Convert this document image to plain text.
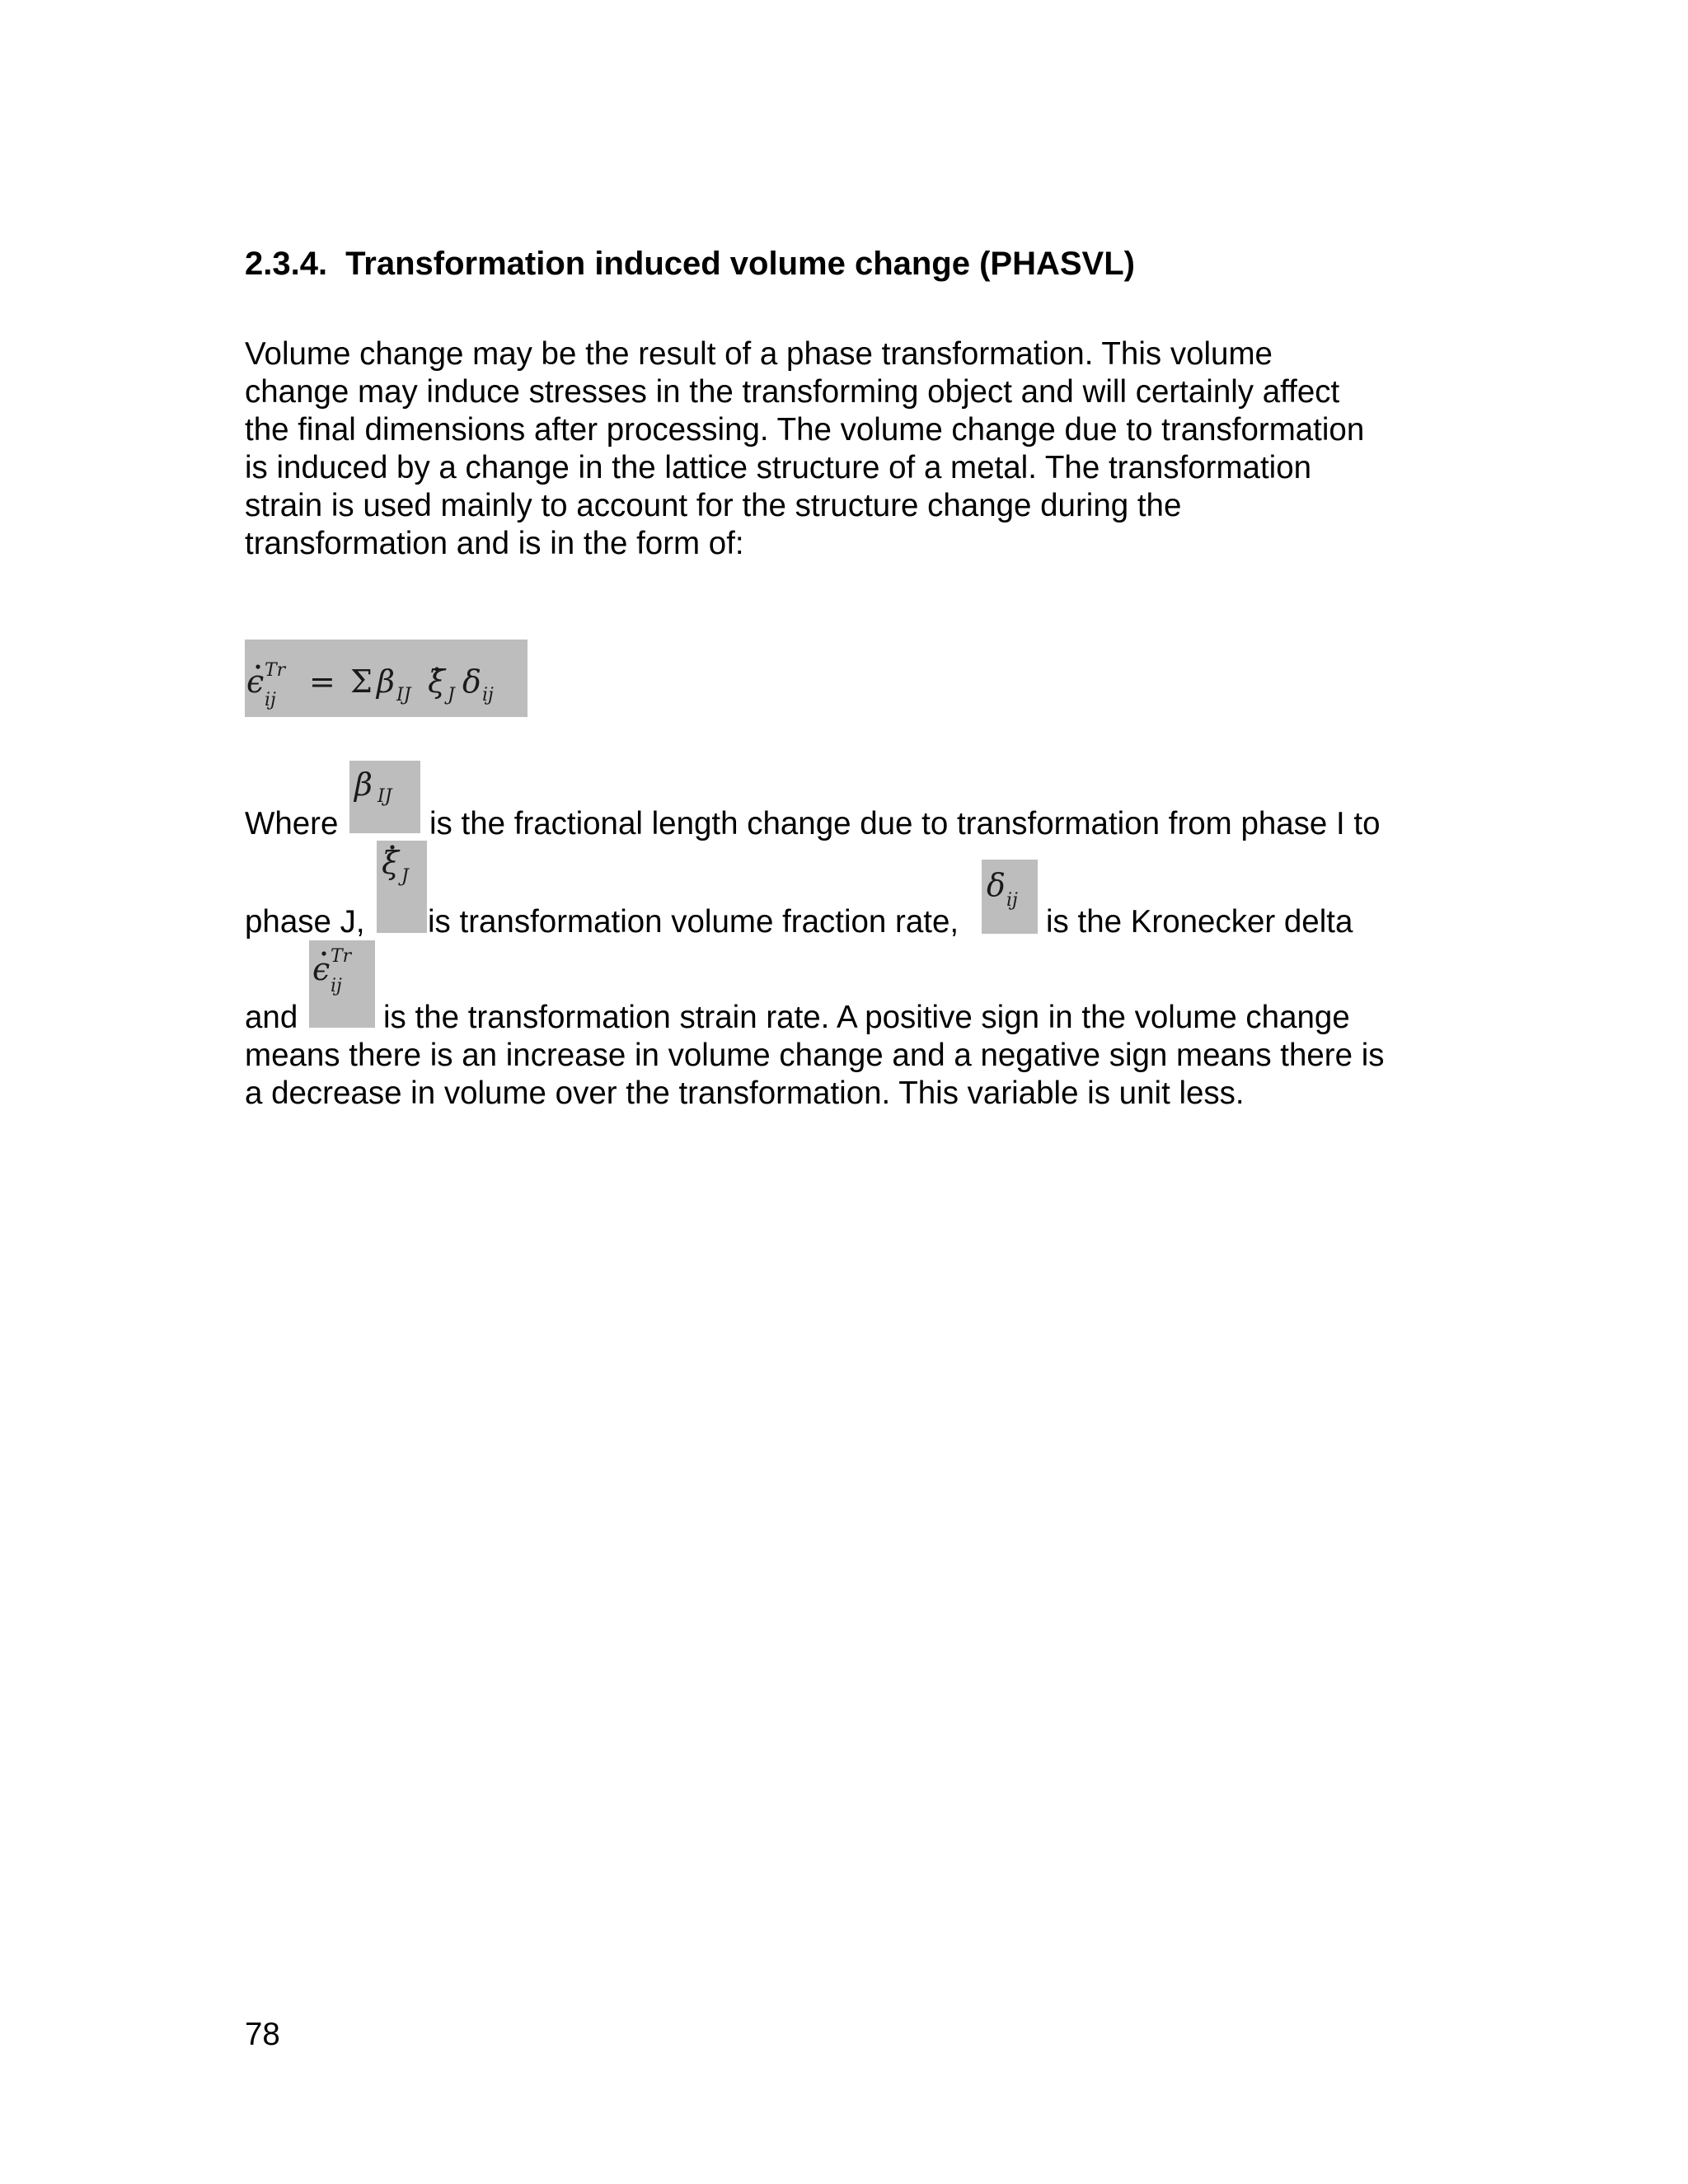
2.3.4. Transformation induced volume change (PHASVL)
Volume change may be the result of a phase transformation. This volume
change may induce stresses in the transforming object and will certainly affect
the final dimensions after processing. The volume change due to transformation
is induced by a change in the lattice structure of a metal. The transformation
strain is used mainly to account for the structure change during the
transformation and is in the form of:
ϵ Tr
ij
= Σ β IJ ξ J δ ij
Where
β IJ
is the fractional length change due to transformation from phase I to
phase J,
ξ J
is transformation volume fraction rate,
δ ij
is the Kronecker delta
and
ϵ Tr
ij
is the transformation strain rate. A positive sign in the volume change
means there is an increase in volume change and a negative sign means there is
a decrease in volume over the transformation. This variable is unit less.
78
